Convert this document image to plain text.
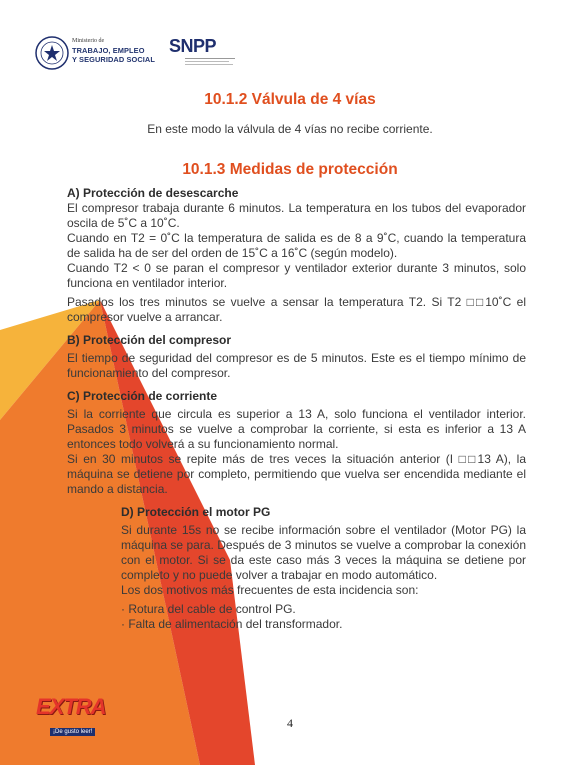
Ministerio de
TRABAJO, EMPLEO
Y SEGURIDAD SOCIAL
SNPP
10.1.2 Válvula de 4 vías
En este modo la válvula de 4 vías no recibe corriente.
10.1.3 Medidas de protección

A) Protección de desescarche

El compresor trabaja durante 6 minutos. La temperatura en los tubos del evaporador oscila de 5˚C a 10˚C.

Cuando en T2 = 0˚C la temperatura de salida es de 8 a 9˚C, cuando la temperatura de salida ha de ser del orden de 15˚C a 16˚C (según modelo).

Cuando T2 < 0 se paran el compresor y ventilador exterior durante 3 minutos, solo funciona en ventilador interior.

Pasados los tres minutos se vuelve a sensar la temperatura T2. Si T2 □□10˚C el compresor vuelve a arrancar.

B) Protección del compresor

El tiempo de seguridad del compresor es de 5 minutos. Este es el tiempo mínimo de funcionamiento del compresor.

C) Protección de corriente

Si la corriente que circula es superior a 13 A, solo funciona el ventilador interior. Pasados 3 minutos se vuelve a comprobar la corriente, si esta es inferior a 13 A entonces todo volverá a su funcionamiento normal.

Si en 30 minutos se repite más de tres veces la situación anterior (I □□13 A), la máquina se detiene por completo, permitiendo que vuelva ser encendida mediante el mando a distancia.

D) Protección el motor PG

Si durante 15s no se recibe información sobre el ventilador (Motor PG) la máquina se para. Después de 3 minutos se vuelve a comprobar la conexión con el motor. Si se da este caso más 3 veces la máquina se detiene por completo y no puede volver a trabajar en modo automático.

Los dos motivos más frecuentes de esta incidencia son:

· Rotura del cable de control PG.
· Falta de alimentación del transformador.
EXTRA
¡De gusto leer!
4
